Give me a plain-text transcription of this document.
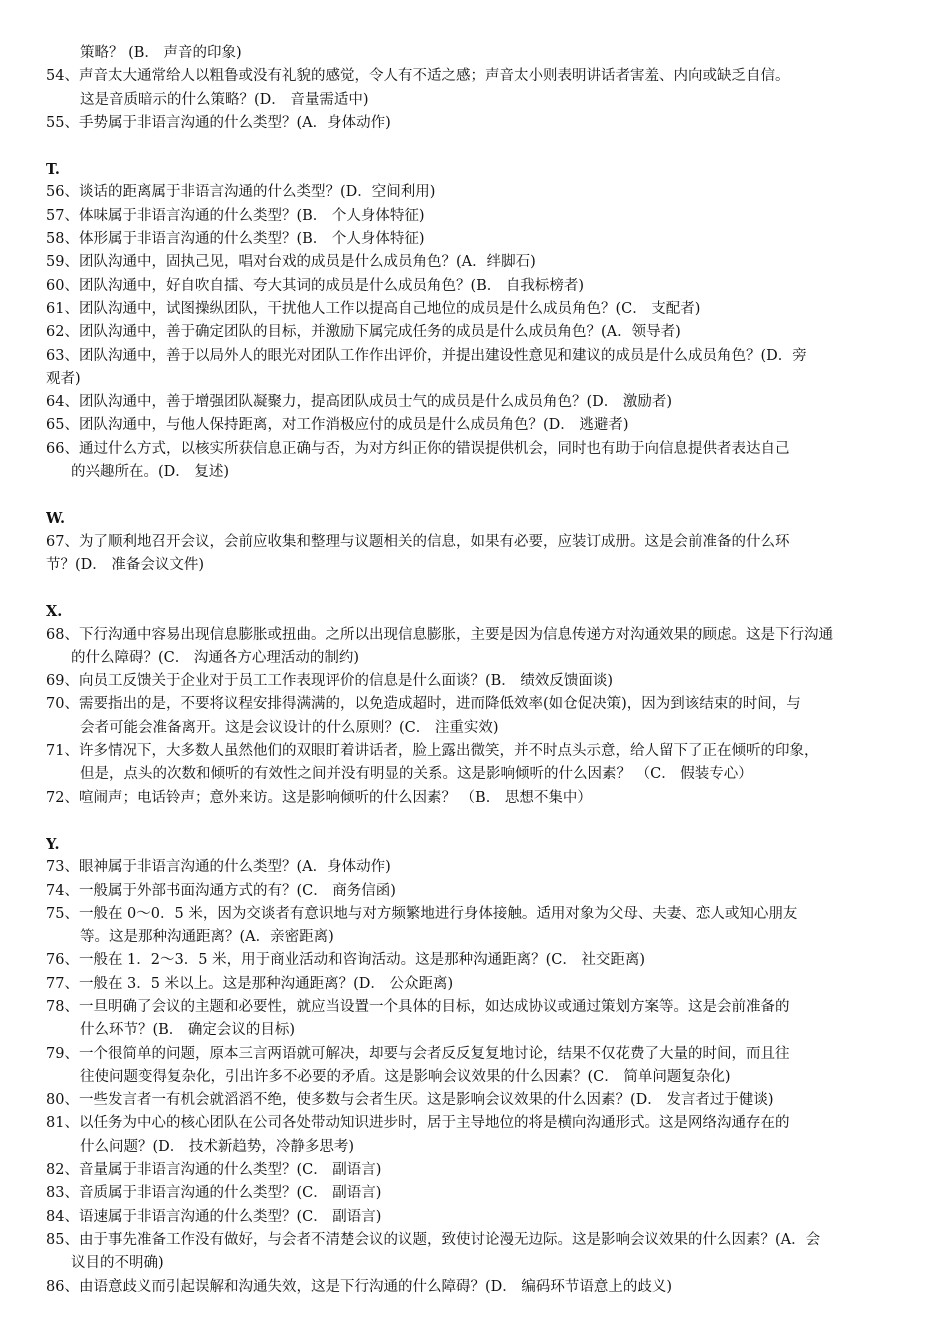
策略？ (B． 声音的印象)
54、声音太大通常给人以粗鲁或没有礼貌的感觉，令人有不适之感；声音太小则表明讲话者害羞、内向或缺乏自信。
这是音质暗示的什么策略？(D． 音量需适中)
55、手势属于非语言沟通的什么类型？(A．身体动作)
T.
56、谈话的距离属于非语言沟通的什么类型？(D．空间利用)
57、体味属于非语言沟通的什么类型？(B． 个人身体特征)
58、体形属于非语言沟通的什么类型？(B． 个人身体特征)
59、团队沟通中，固执己见，唱对台戏的成员是什么成员角色？(A．绊脚石)
60、团队沟通中，好自吹自擂、夸大其词的成员是什么成员角色？(B． 自我标榜者)
61、团队沟通中，试图操纵团队，干扰他人工作以提高自己地位的成员是什么成员角色？(C． 支配者)
62、团队沟通中，善于确定团队的目标，并激励下属完成任务的成员是什么成员角色？(A．领导者)
63、团队沟通中，善于以局外人的眼光对团队工作作出评价，并提出建设性意见和建议的成员是什么成员角色？(D．旁
观者)
64、团队沟通中，善于增强团队凝聚力，提高团队成员士气的成员是什么成员角色？(D． 激励者)
65、团队沟通中，与他人保持距离，对工作消极应付的成员是什么成员角色？(D． 逃避者)
66、通过什么方式，以核实所获信息正确与否，为对方纠正你的错误提供机会，同时也有助于向信息提供者表达自己
的兴趣所在。(D． 复述)
W.
67、为了顺利地召开会议，会前应收集和整理与议题相关的信息，如果有必要，应装订成册。这是会前准备的什么环
节？(D． 准备会议文件)
X.
68、下行沟通中容易出现信息膨胀或扭曲。之所以出现信息膨胀，主要是因为信息传递方对沟通效果的顾虑。这是下行沟通
的什么障碍？(C． 沟通各方心理活动的制约)
69、向员工反馈关于企业对于员工工作表现评价的信息是什么面谈？(B． 绩效反馈面谈)
70、需要指出的是，不要将议程安排得满满的，以免造成超时，进而降低效率(如仓促决策)，因为到该结束的时间，与
会者可能会准备离开。这是会议设计的什么原则？(C． 注重实效)
71、许多情况下，大多数人虽然他们的双眼盯着讲话者，脸上露出微笑，并不时点头示意，给人留下了正在倾听的印象，
但是，点头的次数和倾听的有效性之间并没有明显的关系。这是影响倾听的什么因素？ （C． 假装专心）
72、喧闹声；电话铃声；意外来访。这是影响倾听的什么因素？ （B． 思想不集中）
Y.
73、眼神属于非语言沟通的什么类型？(A．身体动作)
74、一般属于外部书面沟通方式的有？(C． 商务信函)
75、一般在 0～0．5 米，因为交谈者有意识地与对方频繁地进行身体接触。适用对象为父母、夫妻、恋人或知心朋友
等。这是那种沟通距离？(A．亲密距离)
76、一般在 1．2～3．5 米，用于商业活动和咨询活动。这是那种沟通距离？(C． 社交距离)
77、一般在 3．5 米以上。这是那种沟通距离？(D． 公众距离)
78、一旦明确了会议的主题和必要性，就应当设置一个具体的目标，如达成协议或通过策划方案等。这是会前准备的
什么环节？(B． 确定会议的目标)
79、一个很简单的问题，原本三言两语就可解决，却要与会者反反复复地讨论，结果不仅花费了大量的时间，而且往
往使问题变得复杂化，引出许多不必要的矛盾。这是影响会议效果的什么因素？(C． 简单问题复杂化)
80、一些发言者一有机会就滔滔不绝，使多数与会者生厌。这是影响会议效果的什么因素？(D． 发言者过于健谈)
81、以任务为中心的核心团队在公司各处带动知识进步时，居于主导地位的将是横向沟通形式。这是网络沟通存在的
什么问题？(D． 技术新趋势，冷静多思考)
82、音量属于非语言沟通的什么类型？(C． 副语言)
83、音质属于非语言沟通的什么类型？(C． 副语言)
84、语速属于非语言沟通的什么类型？(C． 副语言)
85、由于事先准备工作没有做好，与会者不清楚会议的议题，致使讨论漫无边际。这是影响会议效果的什么因素？(A．会
议目的不明确)
86、由语意歧义而引起误解和沟通失效，这是下行沟通的什么障碍？(D． 编码环节语意上的歧义)
